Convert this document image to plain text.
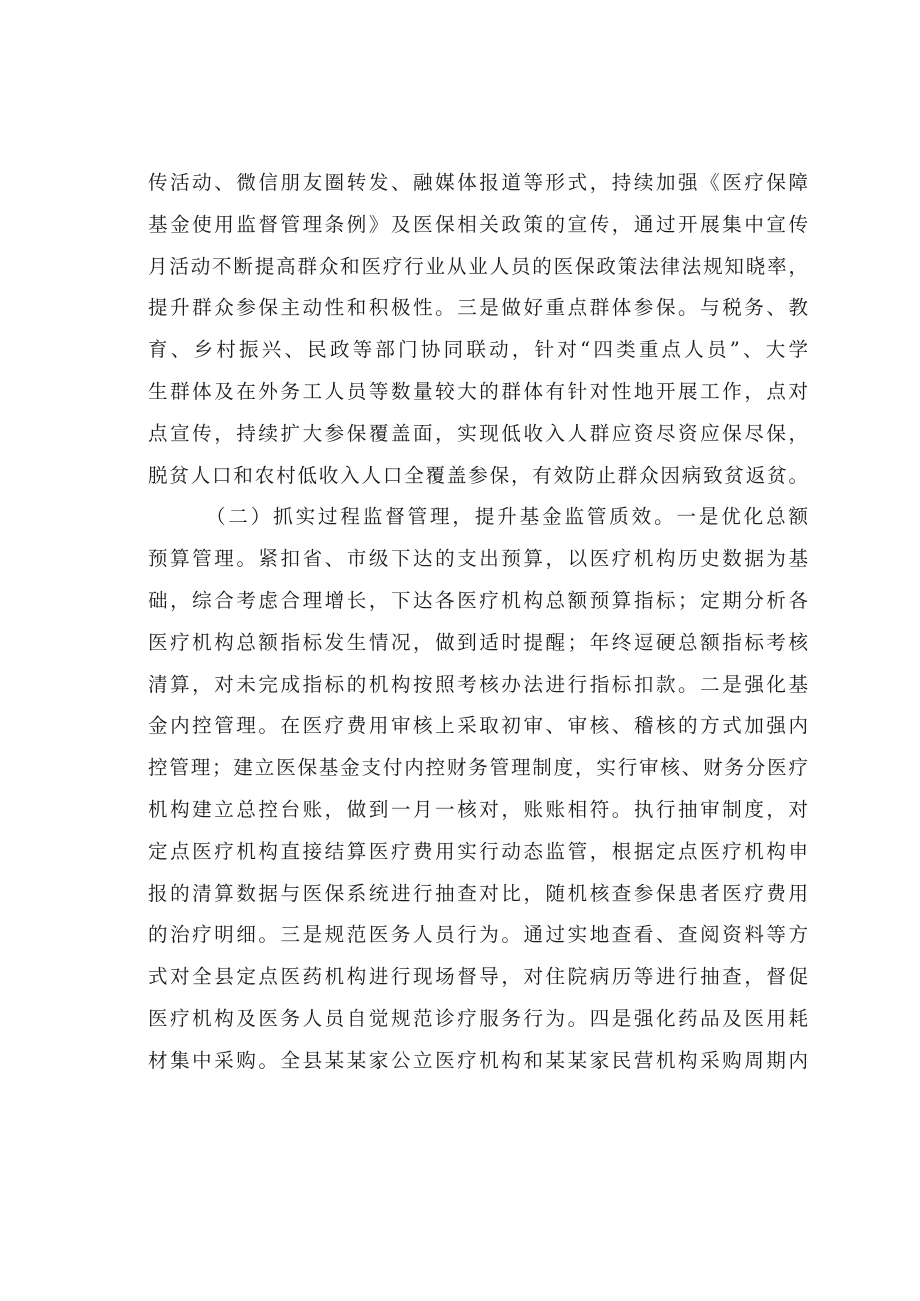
传活动、微信朋友圈转发、融媒体报道等形式，持续加强《医疗保障
基金使用监督管理条例》及医保相关政策的宣传，通过开展集中宣传
月活动不断提高群众和医疗行业从业人员的医保政策法律法规知晓率，
提升群众参保主动性和积极性。三是做好重点群体参保。与税务、教
育、乡村振兴、民政等部门协同联动，针对“四类重点人员”、大学
生群体及在外务工人员等数量较大的群体有针对性地开展工作，点对
点宣传，持续扩大参保覆盖面，实现低收入人群应资尽资应保尽保，
脱贫人口和农村低收入人口全覆盖参保，有效防止群众因病致贫返贫。
（二）抓实过程监督管理，提升基金监管质效。一是优化总额
预算管理。紧扣省、市级下达的支出预算，以医疗机构历史数据为基
础，综合考虑合理增长，下达各医疗机构总额预算指标；定期分析各
医疗机构总额指标发生情况，做到适时提醒；年终逗硬总额指标考核
清算，对未完成指标的机构按照考核办法进行指标扣款。二是强化基
金内控管理。在医疗费用审核上采取初审、审核、稽核的方式加强内
控管理；建立医保基金支付内控财务管理制度，实行审核、财务分医疗
机构建立总控台账，做到一月一核对，账账相符。执行抽审制度，对
定点医疗机构直接结算医疗费用实行动态监管，根据定点医疗机构申
报的清算数据与医保系统进行抽查对比，随机核查参保患者医疗费用
的治疗明细。三是规范医务人员行为。通过实地查看、查阅资料等方
式对全县定点医药机构进行现场督导，对住院病历等进行抽查，督促
医疗机构及医务人员自觉规范诊疗服务行为。四是强化药品及医用耗
材集中采购。全县某某家公立医疗机构和某某家民营机构采购周期内
